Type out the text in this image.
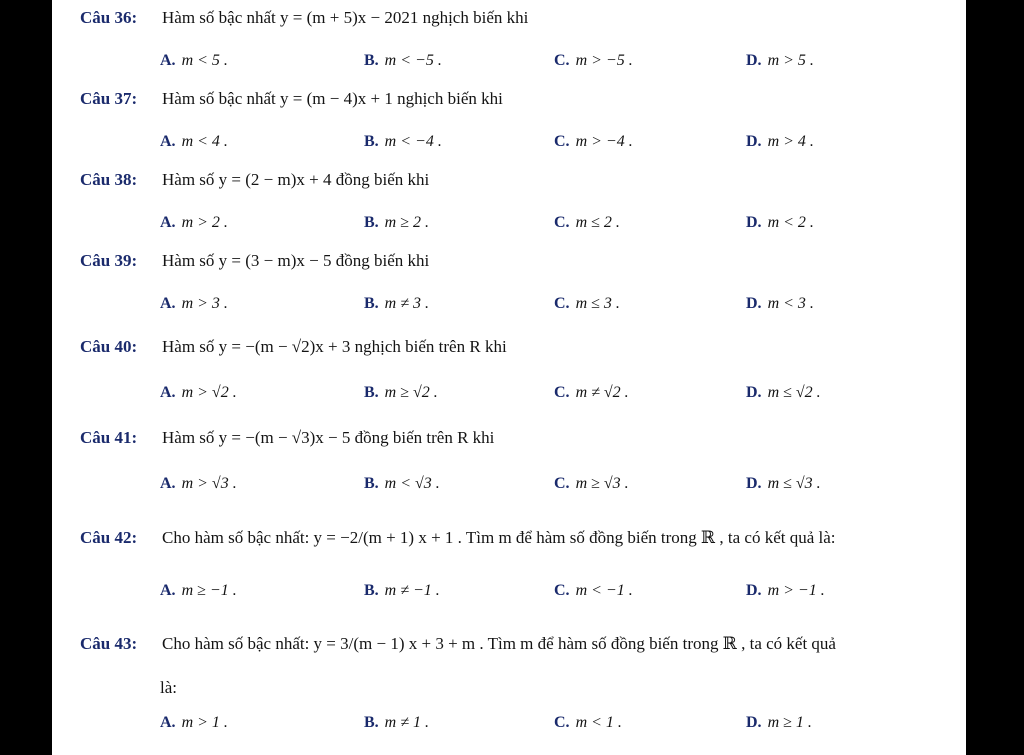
Câu 36: Hàm số bậc nhất y = (m + 5)x − 2021 nghịch biến khi
A. m < 5 .	B. m < −5 .	C. m > −5 .	D. m > 5 .
Câu 37: Hàm số bậc nhất y = (m − 4)x + 1 nghịch biến khi
A. m < 4 .	B. m < −4 .	C. m > −4 .	D. m > 4 .
Câu 38: Hàm số y = (2 − m)x + 4 đồng biến khi
A. m > 2 .	B. m ≥ 2 .	C. m ≤ 2 .	D. m < 2 .
Câu 39: Hàm số y = (3 − m)x − 5 đồng biến khi
A. m > 3 .	B. m ≠ 3 .	C. m ≤ 3 .	D. m < 3 .
Câu 40: Hàm số y = −(m − √2)x + 3 nghịch biến trên R khi
A. m > √2 .	B. m ≥ √2 .	C. m ≠ √2 .	D. m ≤ √2 .
Câu 41: Hàm số y = −(m − √3)x − 5 đồng biến trên R khi
A. m > √3 .	B. m < √3 .	C. m ≥ √3 .	D. m ≤ √3 .
Câu 42: Cho hàm số bậc nhất: y = −2/(m + 1) x + 1 . Tìm m để hàm số đồng biến trong ℝ , ta có kết quả là:
A. m ≥ −1 .	B. m ≠ −1 .	C. m < −1 .	D. m > −1 .
Câu 43: Cho hàm số bậc nhất: y = 3/(m − 1) x + 3 + m . Tìm m để hàm số đồng biến trong ℝ , ta có kết quả
là:
A. m > 1 .	B. m ≠ 1 .	C. m < 1 .	D. m ≥ 1 .
